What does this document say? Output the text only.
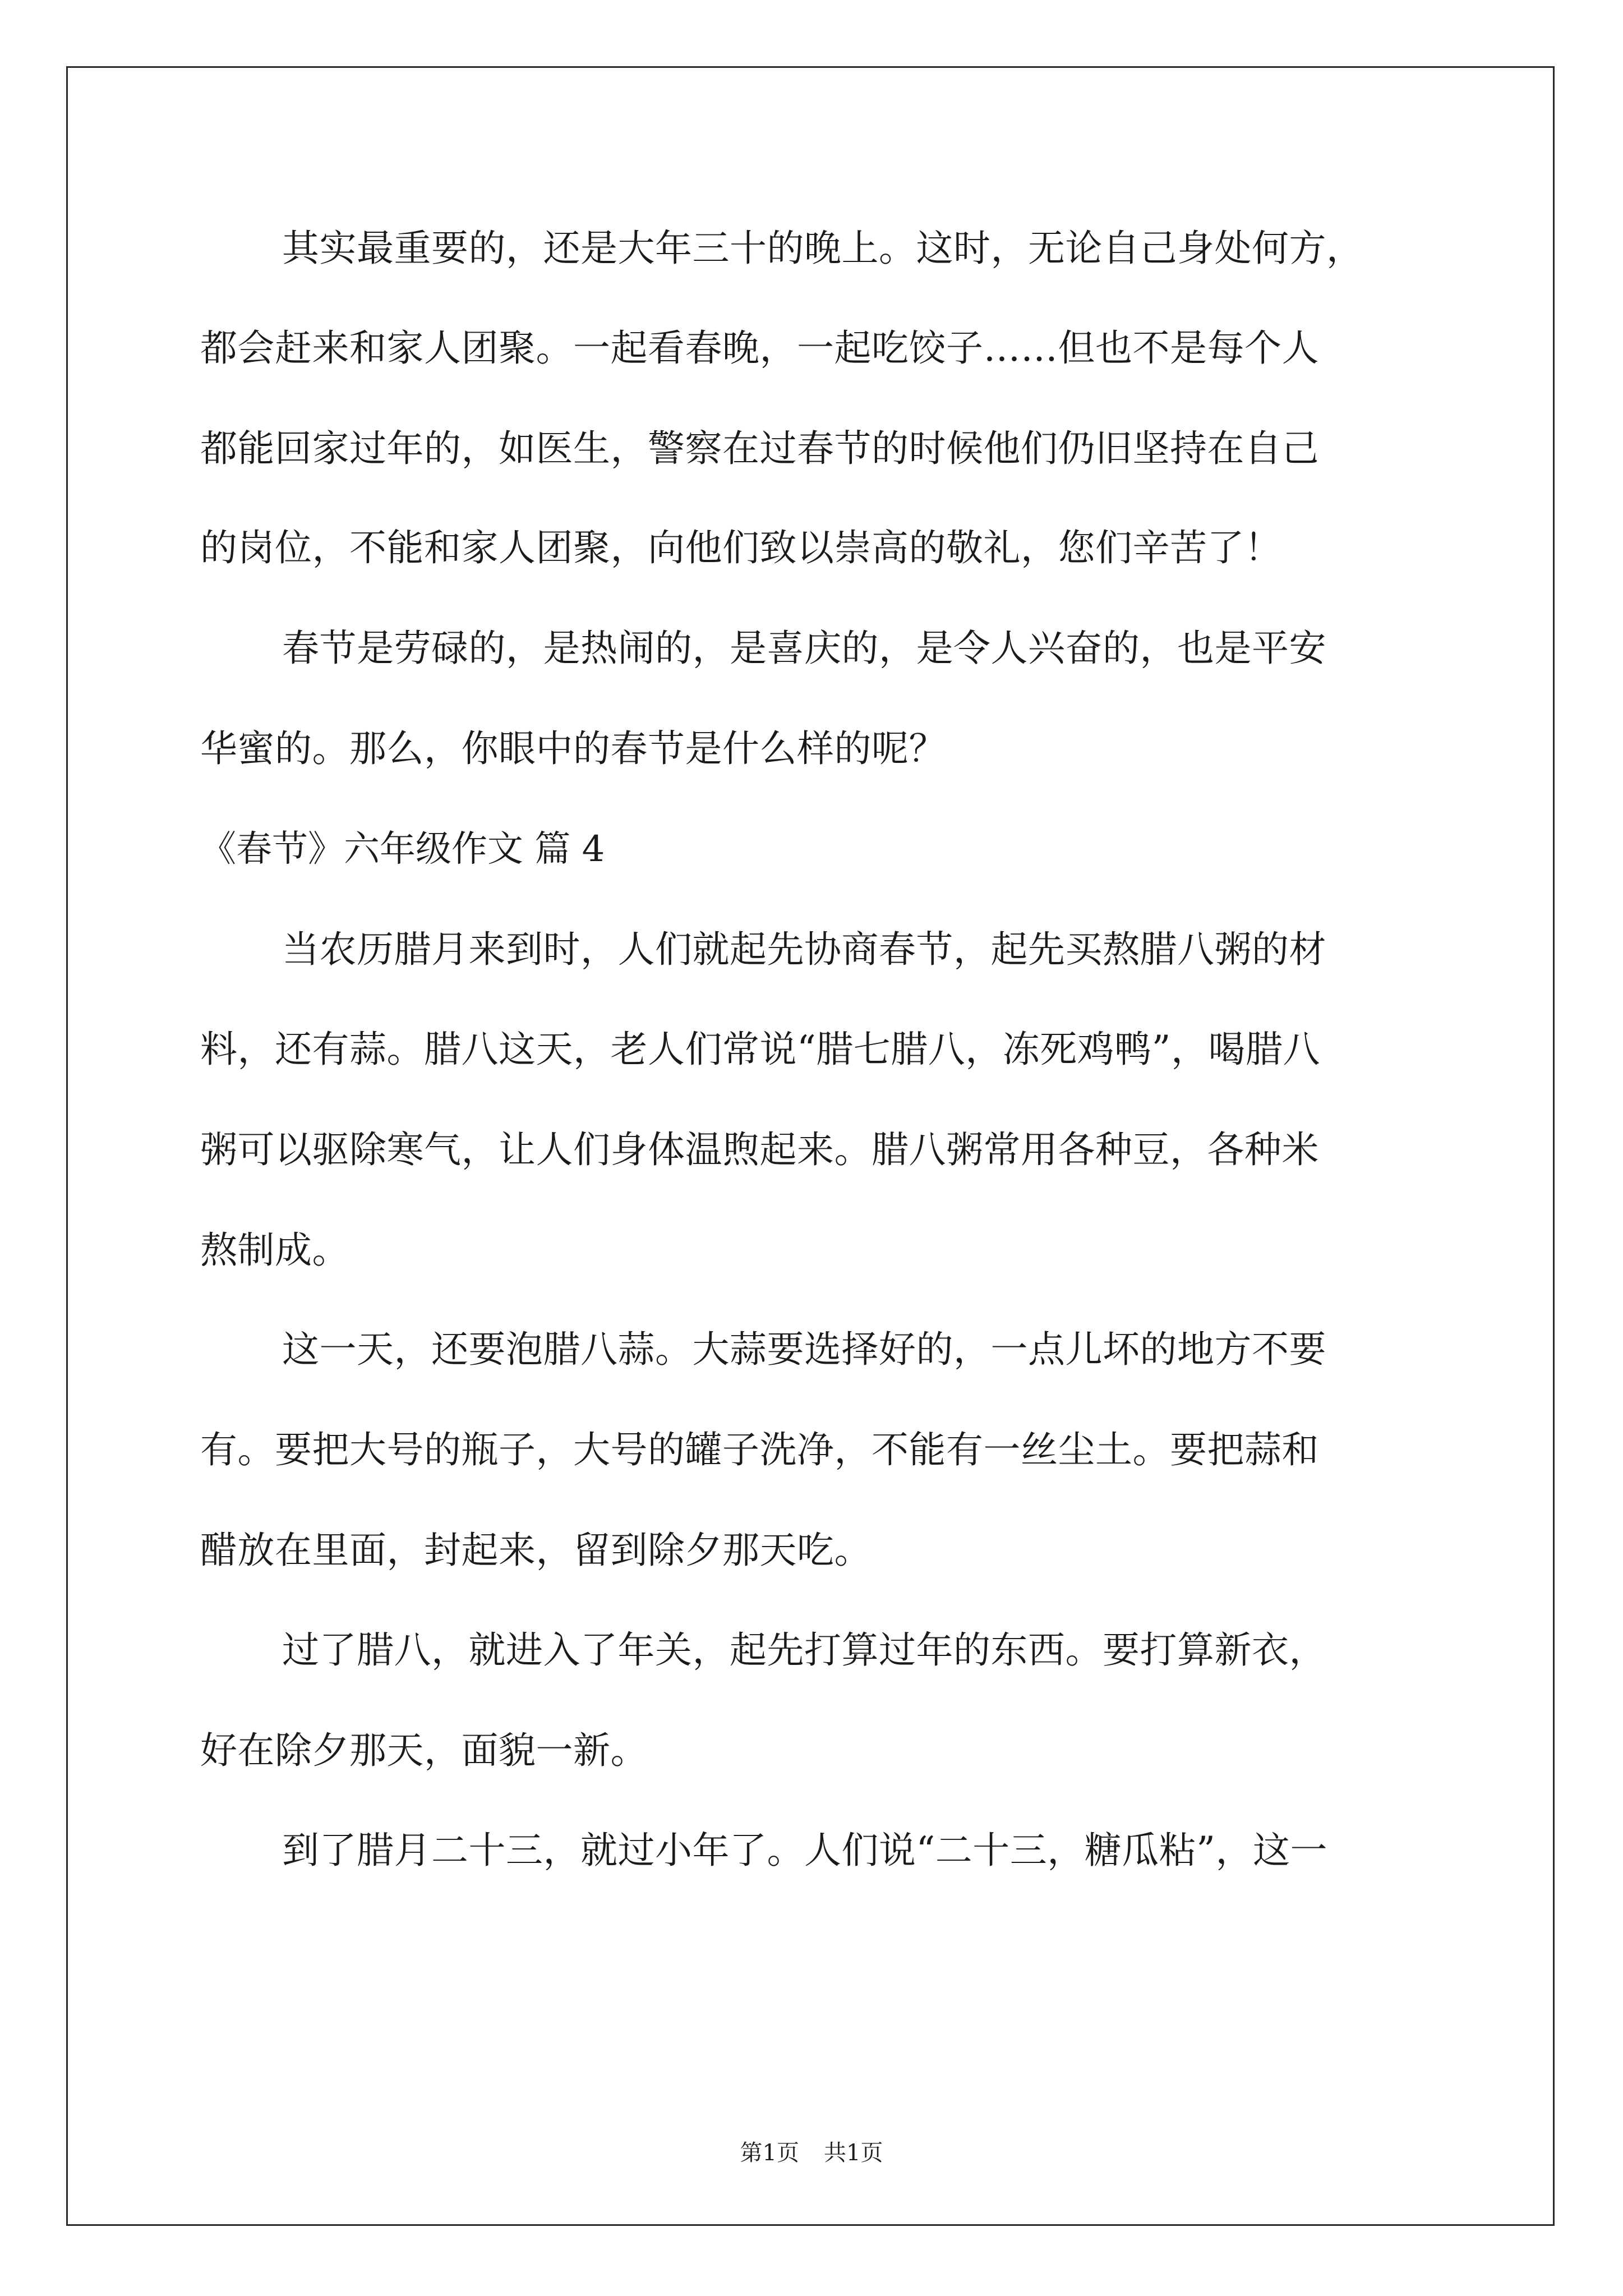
其实最重要的，还是大年三十的晚上。这时，无论自己身处何方，
都会赶来和家人团聚。一起看春晚，一起吃饺子……但也不是每个人
都能回家过年的，如医生，警察在过春节的时候他们仍旧坚持在自己
的岗位，不能和家人团聚，向他们致以崇高的敬礼，您们辛苦了！
春节是劳碌的，是热闹的，是喜庆的，是令人兴奋的，也是平安
华蜜的。那么，你眼中的春节是什么样的呢？
《春节》六年级作文 篇 4
当农历腊月来到时，人们就起先协商春节，起先买熬腊八粥的材
料，还有蒜。腊八这天，老人们常说“腊七腊八，冻死鸡鸭”，喝腊八
粥可以驱除寒气，让人们身体温煦起来。腊八粥常用各种豆，各种米
熬制成。
这一天，还要泡腊八蒜。大蒜要选择好的，一点儿坏的地方不要
有。要把大号的瓶子，大号的罐子洗净，不能有一丝尘土。要把蒜和
醋放在里面，封起来，留到除夕那天吃。
过了腊八，就进入了年关，起先打算过年的东西。要打算新衣，
好在除夕那天，面貌一新。
到了腊月二十三，就过小年了。人们说“二十三，糖瓜粘”，这一
第1页 共1页
